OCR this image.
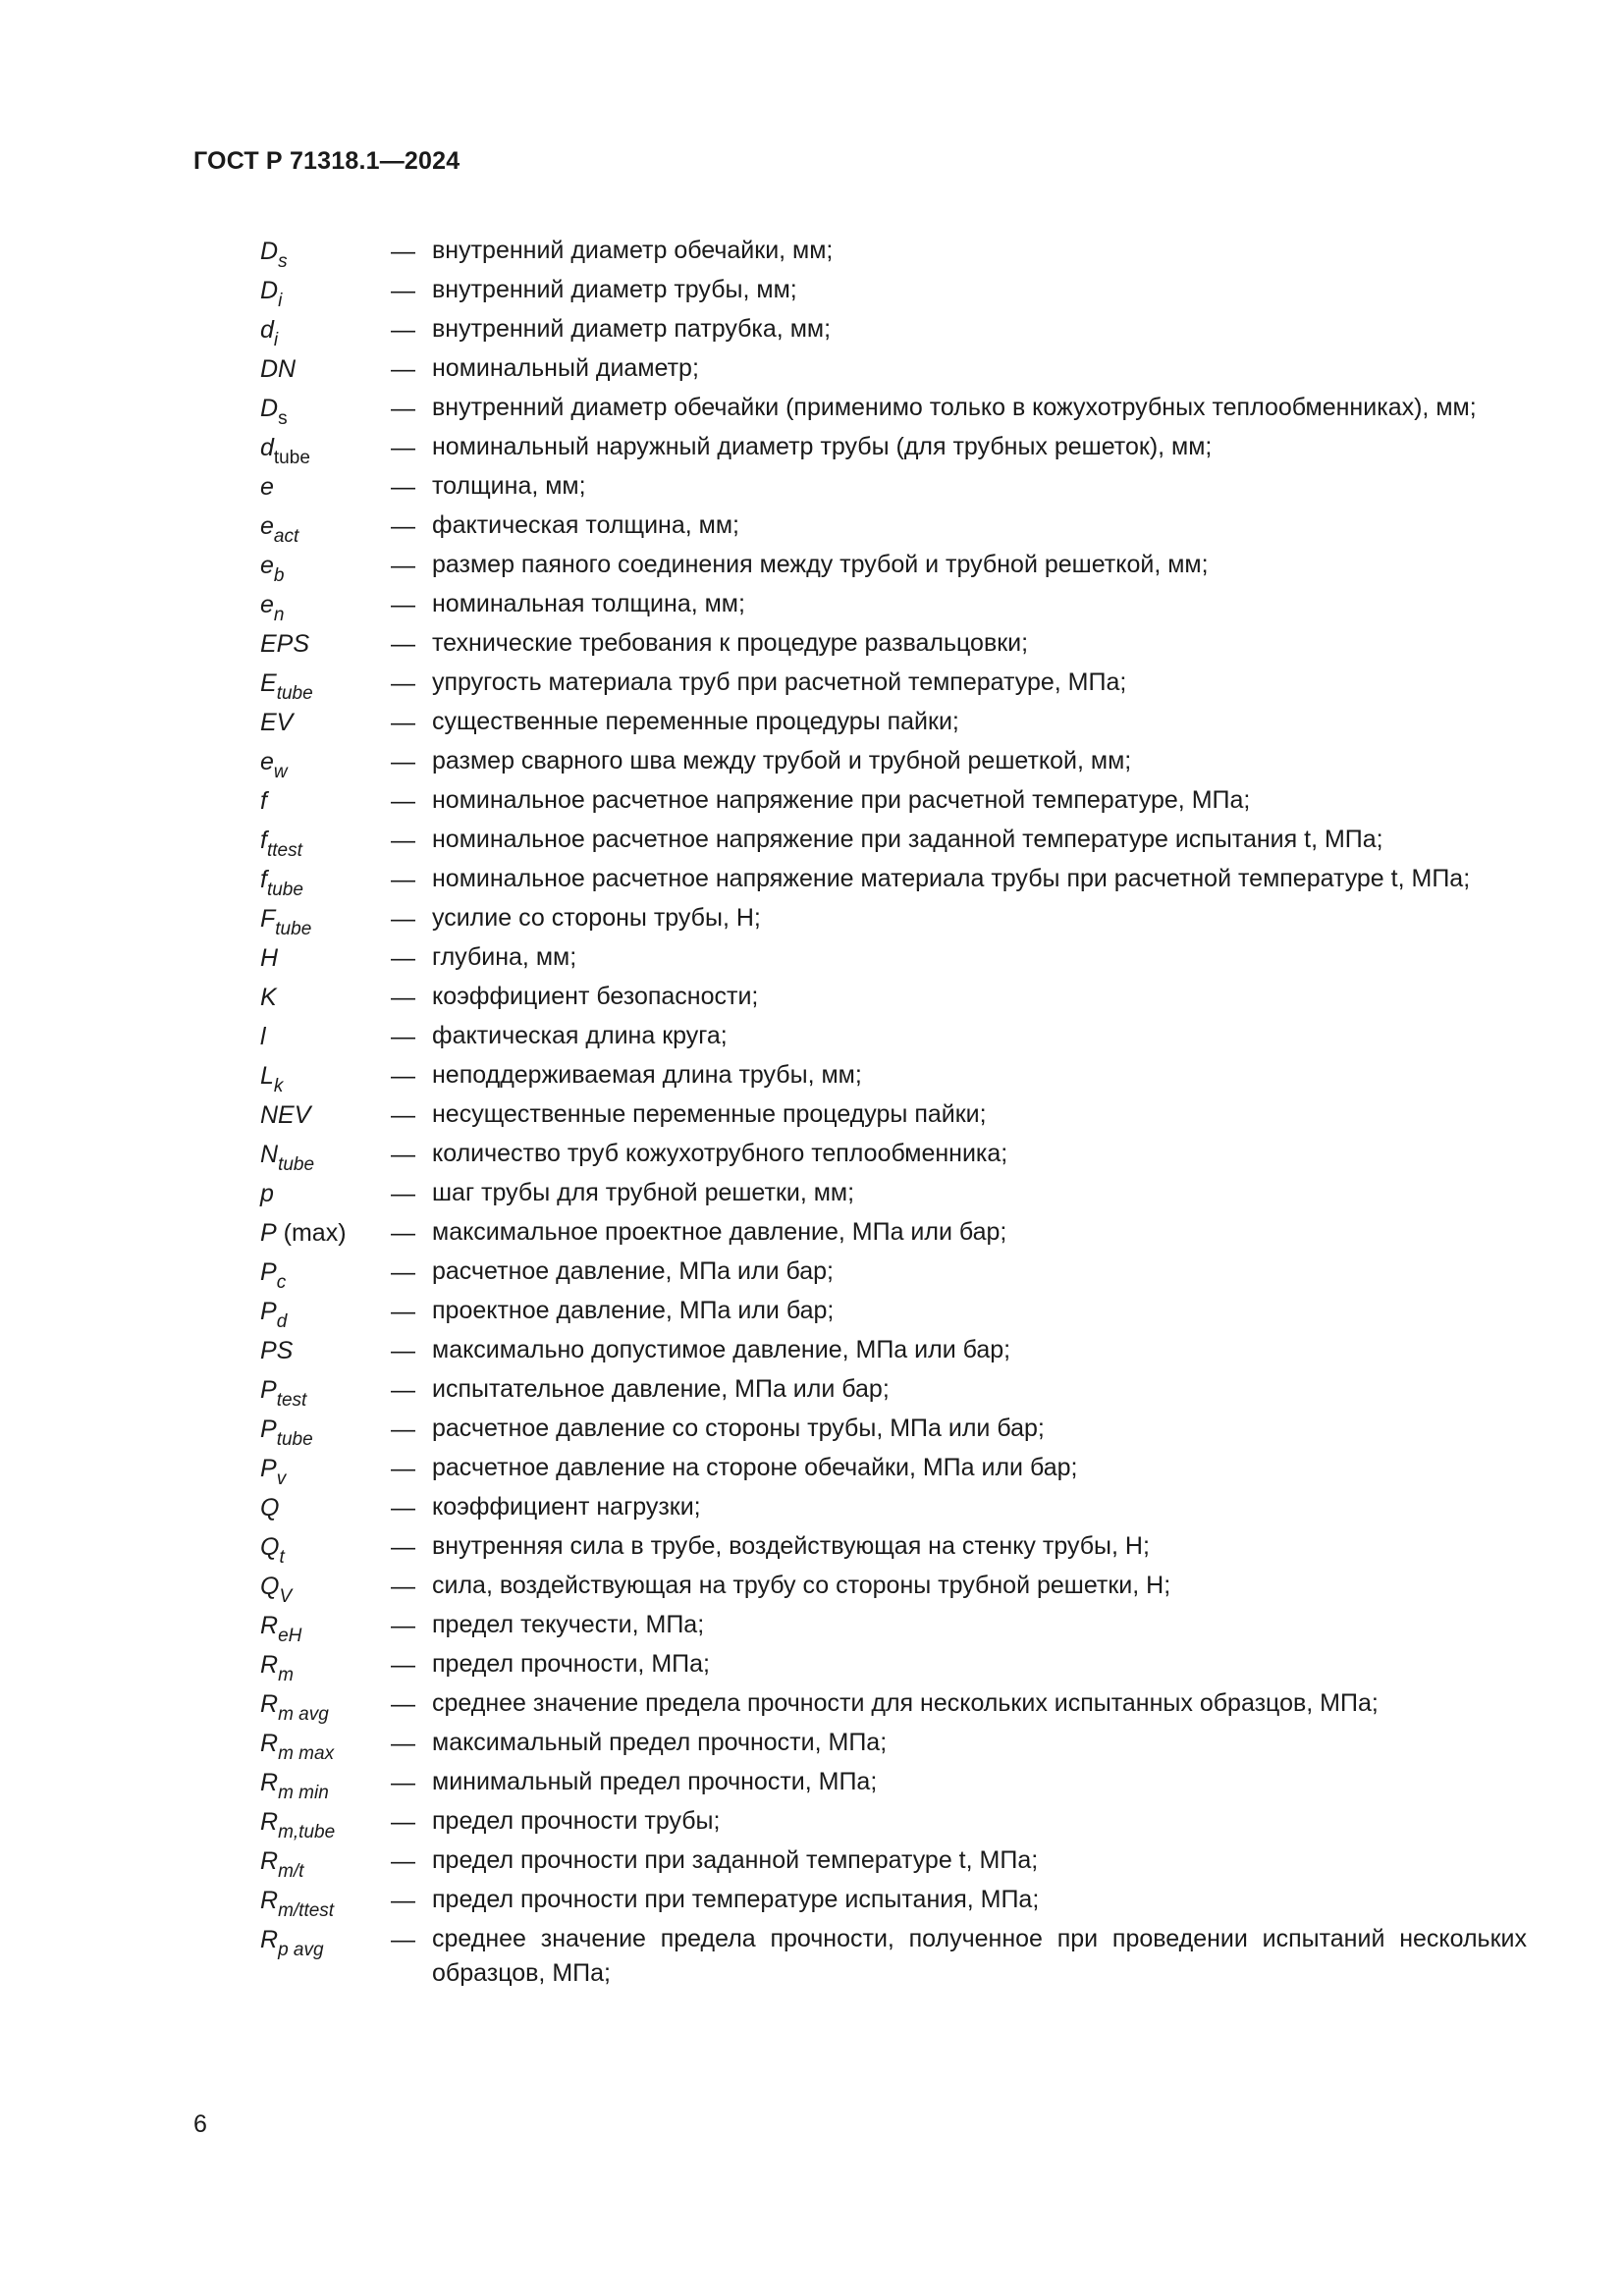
ГОСТ Р 71318.1—2024
$D_s$	— внутренний диаметр обечайки, мм;
$D_i$	— внутренний диаметр трубы, мм;
$d_i$	— внутренний диаметр патрубка, мм;
DN	— номинальный диаметр;
$D_s$	— внутренний диаметр обечайки (применимо только в кожухотрубных теплообменниках), мм;
$d_{tube}$	— номинальный наружный диаметр трубы (для трубных решеток), мм;
e	— толщина, мм;
$e_{act}$	— фактическая толщина, мм;
$e_b$	— размер паяного соединения между трубой и трубной решеткой, мм;
$e_n$	— номинальная толщина, мм;
EPS	— технические требования к процедуре развальцовки;
$E_{tube}$	— упругость материала труб при расчетной температуре, МПа;
EV	— существенные переменные процедуры пайки;
$e_w$	— размер сварного шва между трубой и трубной решеткой, мм;
f	— номинальное расчетное напряжение при расчетной температуре, МПа;
$f_{ttest}$	— номинальное расчетное напряжение при заданной температуре испытания t, МПа;
$f_{tube}$	— номинальное расчетное напряжение материала трубы при расчетной температуре t, МПа;
$F_{tube}$	— усилие со стороны трубы, Н;
H	— глубина, мм;
K	— коэффициент безопасности;
l	— фактическая длина круга;
$L_k$	— неподдерживаемая длина трубы, мм;
NEV	— несущественные переменные процедуры пайки;
$N_{tube}$	— количество труб кожухотрубного теплообменника;
p	— шаг трубы для трубной решетки, мм;
P (max)	— максимальное проектное давление, МПа или бар;
$P_c$	— расчетное давление, МПа или бар;
$P_d$	— проектное давление, МПа или бар;
PS	— максимально допустимое давление, МПа или бар;
$P_{test}$	— испытательное давление, МПа или бар;
$P_{tube}$	— расчетное давление со стороны трубы, МПа или бар;
$P_v$	— расчетное давление на стороне обечайки, МПа или бар;
Q	— коэффициент нагрузки;
$Q_t$	— внутренняя сила в трубе, воздействующая на стенку трубы, Н;
$Q_V$	— сила, воздействующая на трубу со стороны трубной решетки, Н;
$R_{eH}$	— предел текучести, МПа;
$R_m$	— предел прочности, МПа;
$R_{m avg}$	— среднее значение предела прочности для нескольких испытанных образцов, МПа;
$R_{m max}$	— максимальный предел прочности, МПа;
$R_{m min}$	— минимальный предел прочности, МПа;
$R_{m,tube}$	— предел прочности трубы;
$R_{m/t}$	— предел прочности при заданной температуре t, МПа;
$R_{m/ttest}$	— предел прочности при температуре испытания, МПа;
$R_{p avg}$	— среднее значение предела прочности, полученное при проведении испытаний нескольких образцов, МПа;
6
